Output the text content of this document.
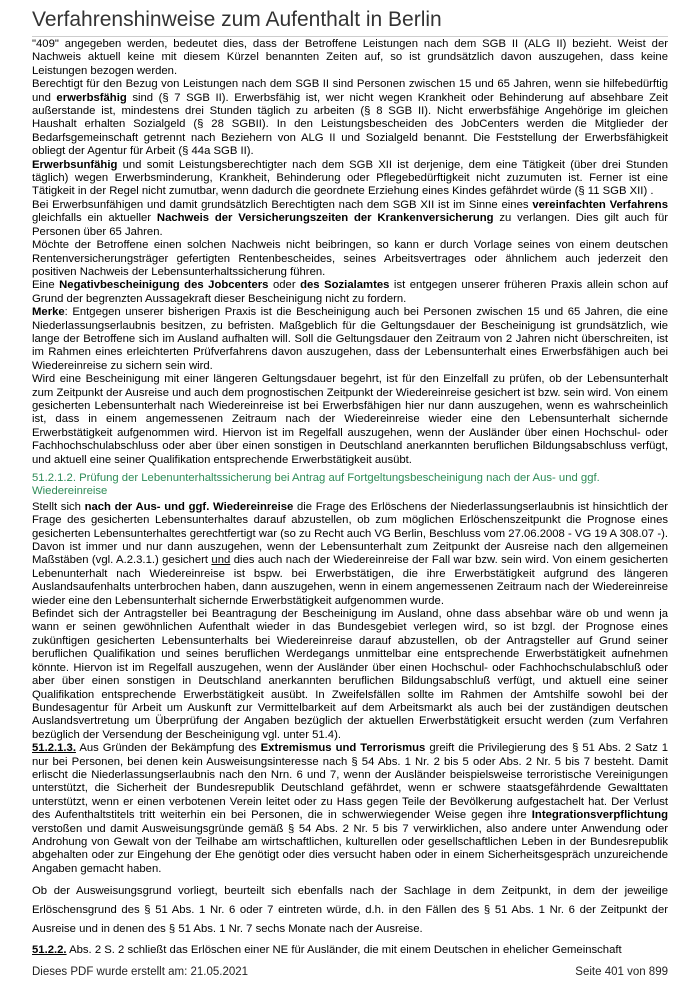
Verfahrenshinweise zum Aufenthalt in Berlin

"409" angegeben werden, bedeutet dies, dass der Betroffene Leistungen nach dem SGB II (ALG II) bezieht. Weist der Nachweis aktuell keine mit diesem Kürzel benannten Zeiten auf, so ist grundsätzlich davon auszugehen, dass keine Leistungen bezogen werden.

Berechtigt für den Bezug von Leistungen nach dem SGB II sind Personen zwischen 15 und 65 Jahren, wenn sie hilfebedürftig und erwerbsfähig sind (§ 7 SGB II). Erwerbsfähig ist, wer nicht wegen Krankheit oder Behinderung auf absehbare Zeit außerstande ist, mindestens drei Stunden täglich zu arbeiten (§ 8 SGB II). Nicht erwerbsfähige Angehörige im gleichen Haushalt erhalten Sozialgeld (§ 28 SGBII). In den Leistungsbescheiden des JobCenters werden die Mitglieder der Bedarfsgemeinschaft getrennt nach Beziehern von ALG II und Sozialgeld benannt. Die Feststellung der Erwerbsfähigkeit obliegt der Agentur für Arbeit (§ 44a SGB II).

Erwerbsunfähig und somit Leistungsberechtigter nach dem SGB XII ist derjenige, dem eine Tätigkeit (über drei Stunden täglich) wegen Erwerbsminderung, Krankheit, Behinderung oder Pflegebedürftigkeit nicht zuzumuten ist. Ferner ist eine Tätigkeit in der Regel nicht zumutbar, wenn dadurch die geordnete Erziehung eines Kindes gefährdet würde (§ 11 SGB XII) .

Bei Erwerbsunfähigen und damit grundsätzlich Berechtigten nach dem SGB XII ist im Sinne eines vereinfachten Verfahrens gleichfalls ein aktueller Nachweis der Versicherungszeiten der Krankenversicherung zu verlangen. Dies gilt auch für Personen über 65 Jahren.

Möchte der Betroffene einen solchen Nachweis nicht beibringen, so kann er durch Vorlage seines von einem deutschen Rentenversicherungsträger gefertigten Rentenbescheides, seines Arbeitsvertrages oder ähnlichem auch jederzeit den positiven Nachweis der Lebensunterhaltssicherung führen.

Eine Negativbescheinigung des Jobcenters oder des Sozialamtes ist entgegen unserer früheren Praxis allein schon auf Grund der begrenzten Aussagekraft dieser Bescheinigung nicht zu fordern.

Merke: Entgegen unserer bisherigen Praxis ist die Bescheinigung auch bei Personen zwischen 15 und 65 Jahren, die eine Niederlassungserlaubnis besitzen, zu befristen. Maßgeblich für die Geltungsdauer der Bescheinigung ist grundsätzlich, wie lange der Betroffene sich im Ausland aufhalten will. Soll die Geltungsdauer den Zeitraum von 2 Jahren nicht überschreiten, ist im Rahmen eines erleichterten Prüfverfahrens davon auszugehen, dass der Lebensunterhalt eines Erwerbsfähigen auch bei Wiedereinreise zu sichern sein wird.

Wird eine Bescheinigung mit einer längeren Geltungsdauer begehrt, ist für den Einzelfall zu prüfen, ob der Lebensunterhalt zum Zeitpunkt der Ausreise und auch dem prognostischen Zeitpunkt der Wiedereinreise gesichert ist bzw. sein wird. Von einem gesicherten Lebensunterhalt nach Wiedereinreise ist bei Erwerbsfähigen hier nur dann auszugehen, wenn es wahrscheinlich ist, dass in einem angemessenen Zeitraum nach der Wiedereinreise wieder eine den Lebensunterhalt sichernde Erwerbstätigkeit aufgenommen wird. Hiervon ist im Regelfall auszugehen, wenn der Ausländer über einen Hochschul- oder Fachhochschulabschluss oder aber über einen sonstigen in Deutschland anerkannten beruflichen Bildungsabschluss verfügt, und aktuell eine seiner Qualifikation entsprechende Erwerbstätigkeit ausübt.

51.2.1.2. Prüfung der Lebenunterhaltssicherung bei Antrag auf Fortgeltungsbescheinigung nach der Aus- und ggf. Wiedereinreise

Stellt sich nach der Aus- und ggf. Wiedereinreise die Frage des Erlöschens der Niederlassungserlaubnis ist hinsichtlich der Frage des gesicherten Lebensunterhaltes darauf abzustellen, ob zum möglichen Erlöschenszeitpunkt die Prognose eines gesicherten Lebensunterhaltes gerechtfertigt war (so zu Recht auch VG Berlin, Beschluss vom 27.06.2008 - VG 19 A 308.07 -). Davon ist immer und nur dann auszugehen, wenn der Lebensunterhalt zum Zeitpunkt der Ausreise nach den allgemeinen Maßstäben (vgl. A.2.3.1.) gesichert und dies auch nach der Wiedereinreise der Fall war bzw. sein wird. Von einem gesicherten Lebenunterhalt nach Wiedereinreise ist bspw. bei Erwerbstätigen, die ihre Erwerbstätigkeit aufgrund des längeren Auslandsaufenhalts unterbrochen haben, dann auszugehen, wenn in einem angemessenen Zeitraum nach der Wiedereinreise wieder eine den Lebensunterhalt sichernde Erwerbstätigkeit aufgenommen wurde.

Befindet sich der Antragsteller bei Beantragung der Bescheinigung im Ausland, ohne dass absehbar wäre ob und wenn ja wann er seinen gewöhnlichen Aufenthalt wieder in das Bundesgebiet verlegen wird, so ist bzgl. der Prognose eines zukünftigen gesicherten Lebensunterhalts bei Wiedereinreise darauf abzustellen, ob der Antragsteller auf Grund seiner beruflichen Qualifikation und seines beruflichen Werdegangs unmittelbar eine entsprechende Erwerbstätigkeit aufnehmen könnte. Hiervon ist im Regelfall auszugehen, wenn der Ausländer über einen Hochschul- oder Fachhochschulabschluß oder aber über einen sonstigen in Deutschland anerkannten beruflichen Bildungsabschluß verfügt, und aktuell eine seiner Qualifikation entsprechende Erwerbstätigkeit ausübt. In Zweifelsfällen sollte im Rahmen der Amtshilfe sowohl bei der Bundesagentur für Arbeit um Auskunft zur Vermittelbarkeit auf dem Arbeitsmarkt als auch bei der zuständigen deutschen Auslandsvertretung um Überprüfung der Angaben bezüglich der aktuellen Erwerbstätigkeit ersucht werden (zum Verfahren bezüglich der Versendung der Bescheinigung vgl. unter 51.4).

51.2.1.3. Aus Gründen der Bekämpfung des Extremismus und Terrorismus greift die Privilegierung des § 51 Abs. 2 Satz 1 nur bei Personen, bei denen kein Ausweisungsinteresse nach § 54 Abs. 1 Nr. 2 bis 5 oder Abs. 2 Nr. 5 bis 7 besteht. Damit erlischt die Niederlassungserlaubnis nach den Nrn. 6 und 7, wenn der Ausländer beispielsweise terroristische Vereinigungen unterstützt, die Sicherheit der Bundesrepublik Deutschland gefährdet, wenn er schwere staatsgefährdende Gewalttaten unterstützt, wenn er einen verbotenen Verein leitet oder zu Hass gegen Teile der Bevölkerung aufgestachelt hat. Der Verlust des Aufenthaltstitels tritt weiterhin ein bei Personen, die in schwerwiegender Weise gegen ihre Integrationsverpflichtung verstoßen und damit Ausweisungsgründe gemäß § 54 Abs. 2 Nr. 5 bis 7 verwirklichen, also andere unter Anwendung oder Androhung von Gewalt von der Teilhabe am wirtschaftlichen, kulturellen oder gesellschaftlichen Leben in der Bundesrepublik abgehalten oder zur Eingehung der Ehe genötigt oder dies versucht haben oder in einem Sicherheitsgespräch unzureichende Angaben gemacht haben.

Ob der Ausweisungsgrund vorliegt, beurteilt sich ebenfalls nach der Sachlage in dem Zeitpunkt, in dem der jeweilige Erlöschensgrund des § 51 Abs. 1 Nr. 6 oder 7 eintreten würde, d.h. in den Fällen des § 51 Abs. 1 Nr. 6 der Zeitpunkt der Ausreise und in denen des § 51 Abs. 1 Nr. 7 sechs Monate nach der Ausreise.

51.2.2. Abs. 2 S. 2 schließt das Erlöschen einer NE für Ausländer, die mit einem Deutschen in ehelicher Gemeinschaft

Dieses PDF wurde erstellt am: 21.05.2021	Seite 401 von 899
